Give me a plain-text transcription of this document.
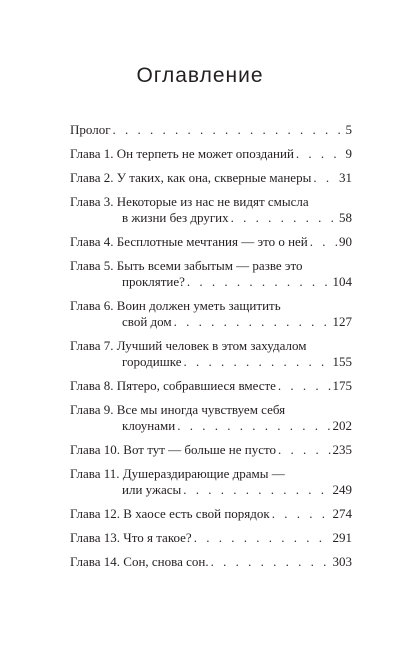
Оглавление
Пролог . . .	5
Глава 1. Он терпеть не может опозданий . . .	9
Глава 2. У таких, как она, скверные манеры . . . 31
Глава 3. Некоторые из нас не видят смысла
в жизни без других . . .	58
Глава 4. Бесплотные мечтания — это о ней . . . 90
Глава 5. Быть всеми забытым — разве это
проклятие? . . .	104
Глава 6. Воин должен уметь защитить
свой дом . . .	127
Глава 7. Лучший человек в этом захудалом
городишке . . .	155
Глава 8. Пятеро, собравшиеся вместе . . .	175
Глава 9. Все мы иногда чувствуем себя
клоунами . . .	202
Глава 10. Вот тут — больше не пусто . . .	235
Глава 11. Душераздирающие драмы —
или ужасы . . .	249
Глава 12. В хаосе есть свой порядок . . .	274
Глава 13. Что я такое? . . .	291
Глава 14. Сон, снова сон. . . .	303
